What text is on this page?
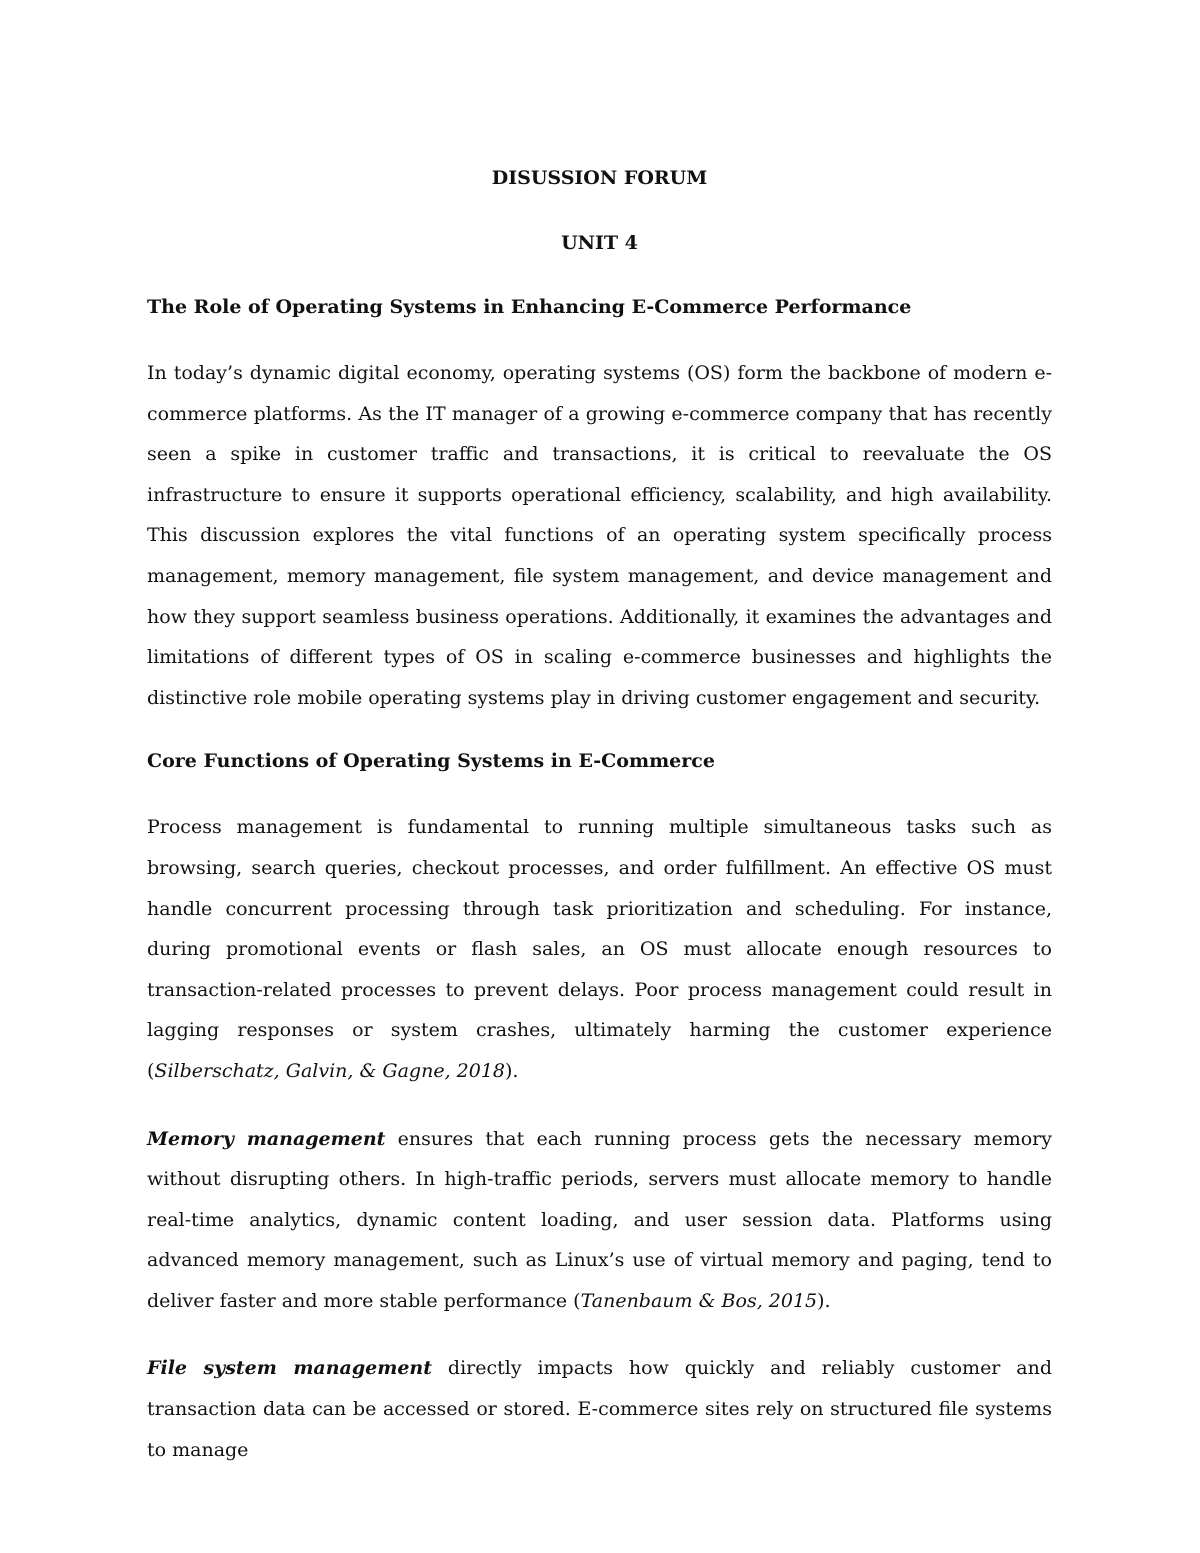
DISUSSION FORUM
UNIT 4
The Role of Operating Systems in Enhancing E-Commerce Performance

In today’s dynamic digital economy, operating systems (OS) form the backbone of modern e-commerce platforms. As the IT manager of a growing e-commerce company that has recently seen a spike in customer traffic and transactions, it is critical to reevaluate the OS infrastructure to ensure it supports operational efficiency, scalability, and high availability. This discussion explores the vital functions of an operating system specifically process management, memory management, file system management, and device management and how they support seamless business operations. Additionally, it examines the advantages and limitations of different types of OS in scaling e-commerce businesses and highlights the distinctive role mobile operating systems play in driving customer engagement and security.

Core Functions of Operating Systems in E-Commerce

Process management is fundamental to running multiple simultaneous tasks such as browsing, search queries, checkout processes, and order fulfillment. An effective OS must handle concurrent processing through task prioritization and scheduling. For instance, during promotional events or flash sales, an OS must allocate enough resources to transaction-related processes to prevent delays. Poor process management could result in lagging responses or system crashes, ultimately harming the customer experience (Silberschatz, Galvin, & Gagne, 2018).

Memory management ensures that each running process gets the necessary memory without disrupting others. In high-traffic periods, servers must allocate memory to handle real-time analytics, dynamic content loading, and user session data. Platforms using advanced memory management, such as Linux’s use of virtual memory and paging, tend to deliver faster and more stable performance (Tanenbaum & Bos, 2015).

File system management directly impacts how quickly and reliably customer and transaction data can be accessed or stored. E-commerce sites rely on structured file systems to manage
